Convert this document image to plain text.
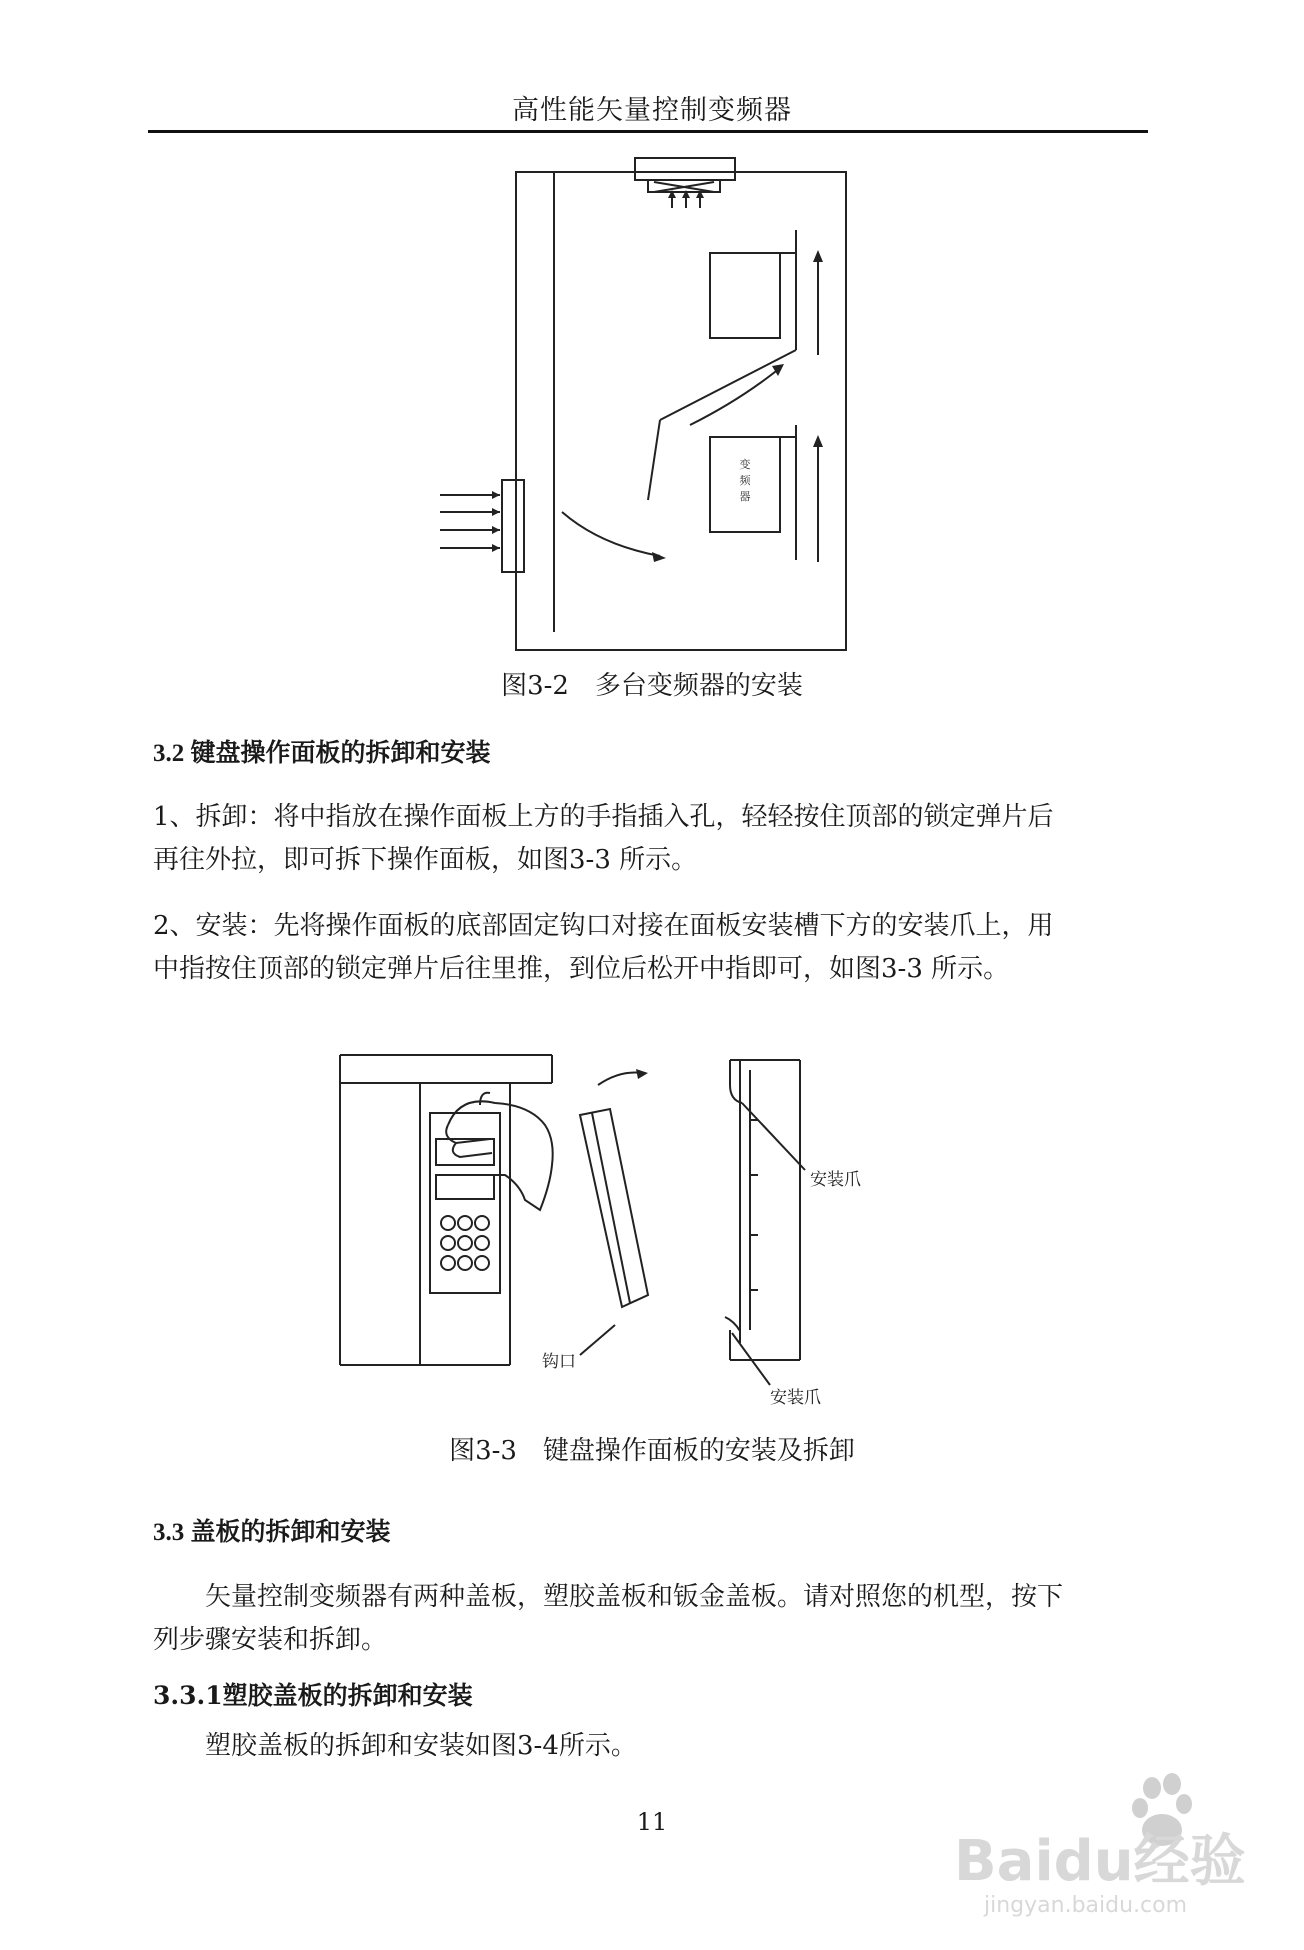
高性能矢量控制变频器
变
频
器
图3-2　多台变频器的安装
3.2 键盘操作面板的拆卸和安装
1、拆卸：将中指放在操作面板上方的手指插入孔，轻轻按住顶部的锁定弹片后
再往外拉，即可拆下操作面板，如图3-3 所示。
2、安装：先将操作面板的底部固定钩口对接在面板安装槽下方的安装爪上，用
中指按住顶部的锁定弹片后往里推，到位后松开中指即可，如图3-3 所示。
安装爪
钩口
安装爪
图3-3　键盘操作面板的安装及拆卸
3.3 盖板的拆卸和安装
矢量控制变频器有两种盖板，塑胶盖板和钣金盖板。请对照您的机型，按下
列步骤安装和拆卸。
3.3.1塑胶盖板的拆卸和安装
塑胶盖板的拆卸和安装如图3-4所示。
11
Baidu经验
jingyan.baidu.com
